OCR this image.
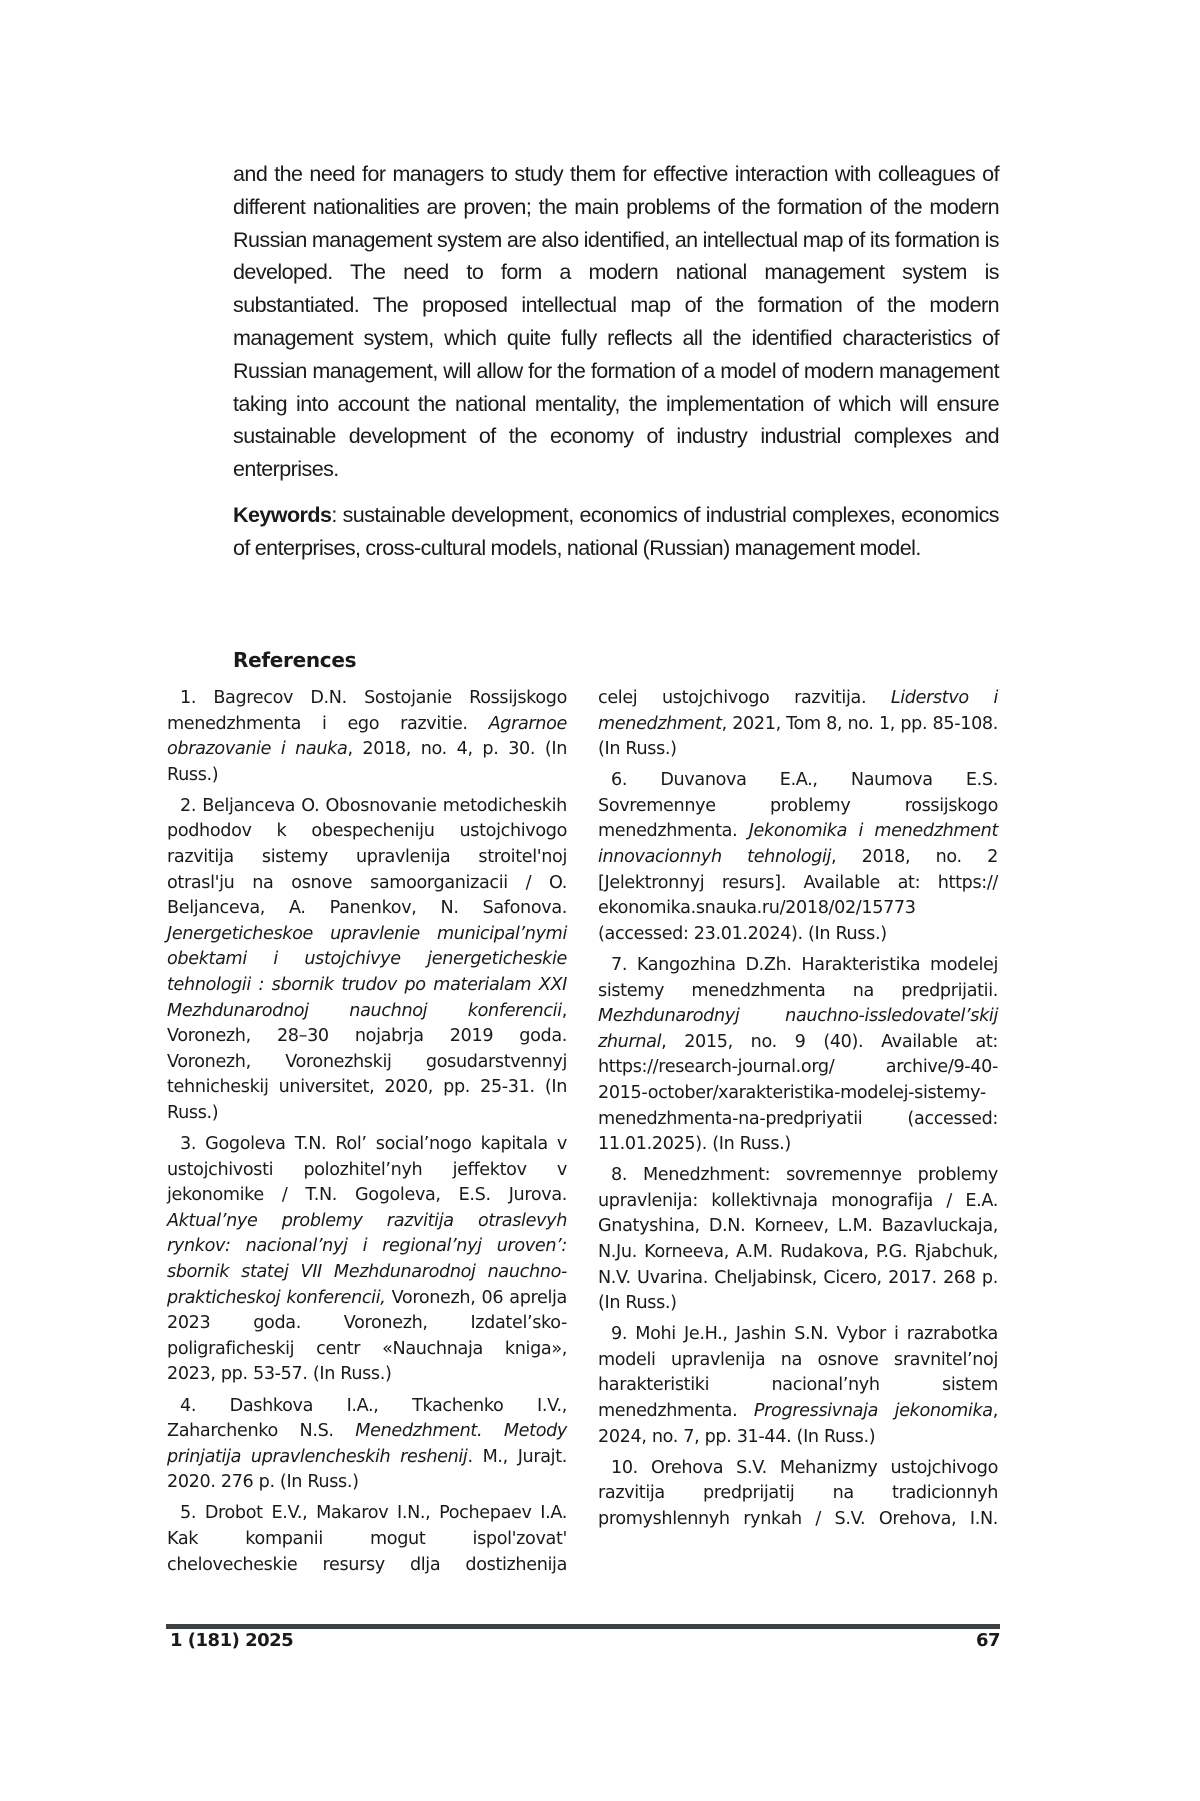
and the need for managers to study them for effective interaction with colleagues of different nationalities are proven; the main problems of the formation of the modern Russian management system are also identified, an intellectual map of its formation is developed. The need to form a modern national management system is substantiated. The proposed intellectual map of the formation of the modern management system, which quite fully reflects all the identified characteristics of Russian management, will allow for the formation of a model of modern management taking into account the national mentality, the implementation of which will ensure sustainable development of the economy of industry industrial complexes and enterprises.

Keywords: sustainable development, economics of industrial complexes, economics of enterprises, cross-cultural models, national (Russian) management model.

References

1. Bagrecov D.N. Sostojanie Rossijskogo menedzhmenta i ego razvitie. Agrarnoe obrazovanie i nauka, 2018, no. 4, p. 30. (In Russ.)

2. Beljanceva O. Obosnovanie metodicheskih podhodov k obespecheniju ustojchivogo razvitija sistemy upravlenija stroitel'noj otrasl'ju na osnove samoorganizacii / O. Beljanceva, A. Panenkov, N. Safonova. Jenergeticheskoe upravlenie municipal’nymi obektami i ustojchivye jenergeticheskie tehnologii : sbornik trudov po materialam XXI Mezhdunarodnoj nauchnoj konferencii, Voronezh, 28–30 nojabrja 2019 goda. Voronezh, Voronezhskij gosudarstvennyj tehnicheskij universitet, 2020, pp. 25-31. (In Russ.)

3. Gogoleva T.N. Rol’ social’nogo kapitala v ustojchivosti polozhitel’nyh jeffektov v jekonomike / T.N. Gogoleva, E.S. Jurova. Aktual’nye problemy razvitija otraslevyh rynkov: nacional’nyj i regional’nyj uroven’: sbornik statej VII Mezhdunarodnoj nauchno-prakticheskoj konferencii, Voronezh, 06 aprelja 2023 goda. Voronezh, Izdatel’sko-poligraficheskij centr «Nauchnaja kniga», 2023, pp. 53-57. (In Russ.)

4. Dashkova I.A., Tkachenko I.V., Zaharchenko N.S. Menedzhment. Metody prinjatija upravlencheskih reshenij. M., Jurajt. 2020. 276 p. (In Russ.)

5. Drobot E.V., Makarov I.N., Pochepaev I.A. Kak kompanii mogut ispol'zovat' chelovecheskie resursy dlja dostizhenija

celej ustojchivogo razvitija. Liderstvo i menedzhment, 2021, Tom 8, no. 1, pp. 85-108. (In Russ.)

6. Duvanova E.A., Naumova E.S. Sovremennye problemy rossijskogo menedzhmenta. Jekonomika i menedzhment innovacionnyh tehnologij, 2018, no. 2 [Jelektronnyj resurs]. Available at: https:// ekonomika.snauka.ru/2018/02/15773 (accessed: 23.01.2024). (In Russ.)

7. Kangozhina D.Zh. Harakteristika modelej sistemy menedzhmenta na predprijatii. Mezhdunarodnyj nauchno-issledovatel’skij zhurnal, 2015, no. 9 (40). Available at: https://research-journal.org/ archive/9-40-2015-october/xarakteristika-modelej-sistemy-menedzhmenta-na-predpriyatii (accessed: 11.01.2025). (In Russ.)

8. Menedzhment: sovremennye problemy upravlenija: kollektivnaja monografija / E.A. Gnatyshina, D.N. Korneev, L.M. Bazavluckaja, N.Ju. Korneeva, A.M. Rudakova, P.G. Rjabchuk, N.V. Uvarina. Cheljabinsk, Cicero, 2017. 268 p. (In Russ.)

9. Mohi Je.H., Jashin S.N. Vybor i razrabotka modeli upravlenija na osnove sravnitel’noj harakteristiki nacional’nyh sistem menedzhmenta. Progressivnaja jekonomika, 2024, no. 7, pp. 31-44. (In Russ.)

10. Orehova S.V. Mehanizmy ustojchivogo razvitija predprijatij na tradicionnyh promyshlennyh rynkah / S.V. Orehova, I.N.

1 (181) 2025	67
